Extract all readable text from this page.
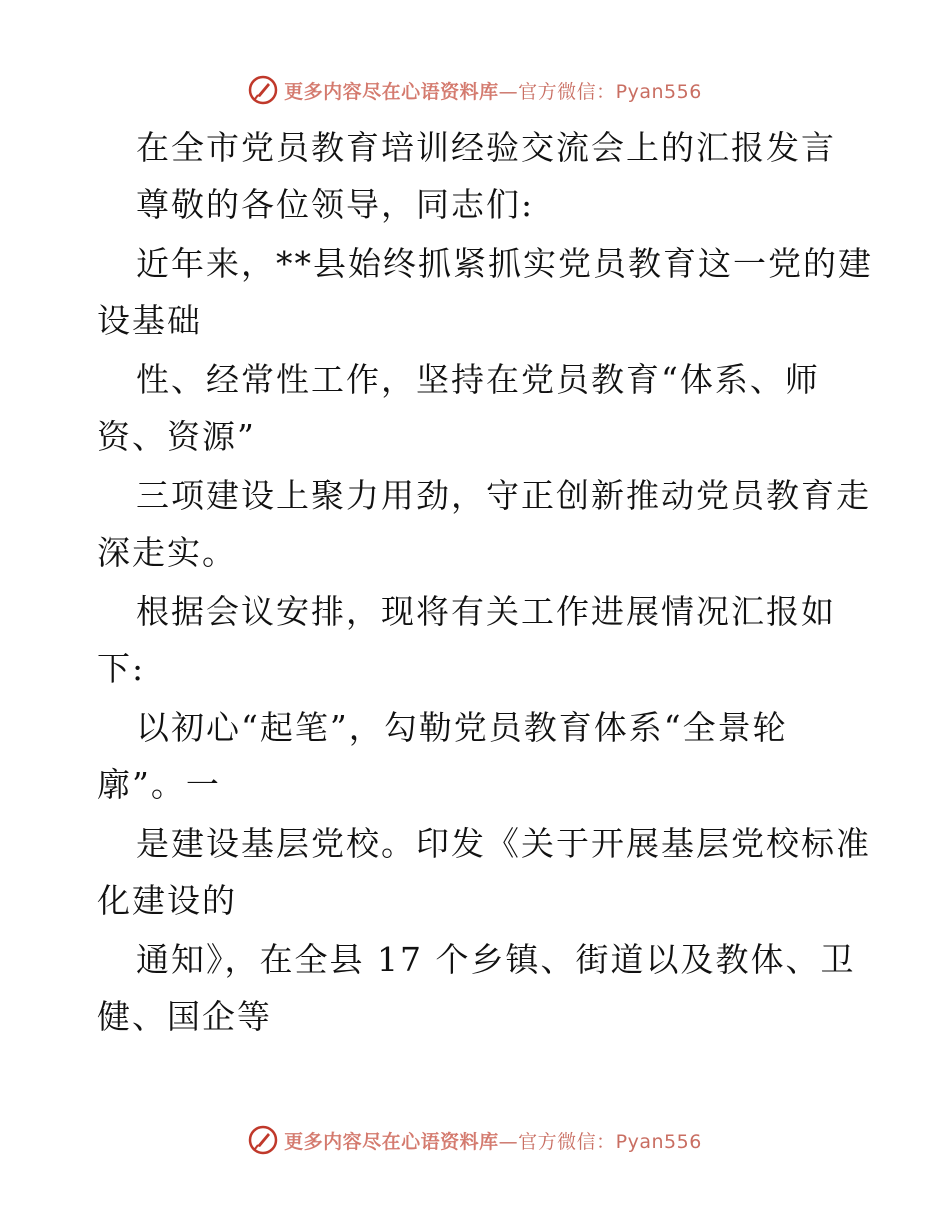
更多内容尽在心语资料库—官方微信：Pyan556
在全市党员教育培训经验交流会上的汇报发言
尊敬的各位领导，同志们:
近年来，**县始终抓紧抓实党员教育这一党的建
设基础
性、经常性工作，坚持在党员教育“体系、师
资、资源”
三项建设上聚力用劲，守正创新推动党员教育走
深走实。
根据会议安排，现将有关工作进展情况汇报如
下:
以初心“起笔”，勾勒党员教育体系“全景轮
廓”。一
是建设基层党校。印发《关于开展基层党校标准
化建设的
通知》，在全县 17 个乡镇、街道以及教体、卫
健、国企等
更多内容尽在心语资料库—官方微信：Pyan556
